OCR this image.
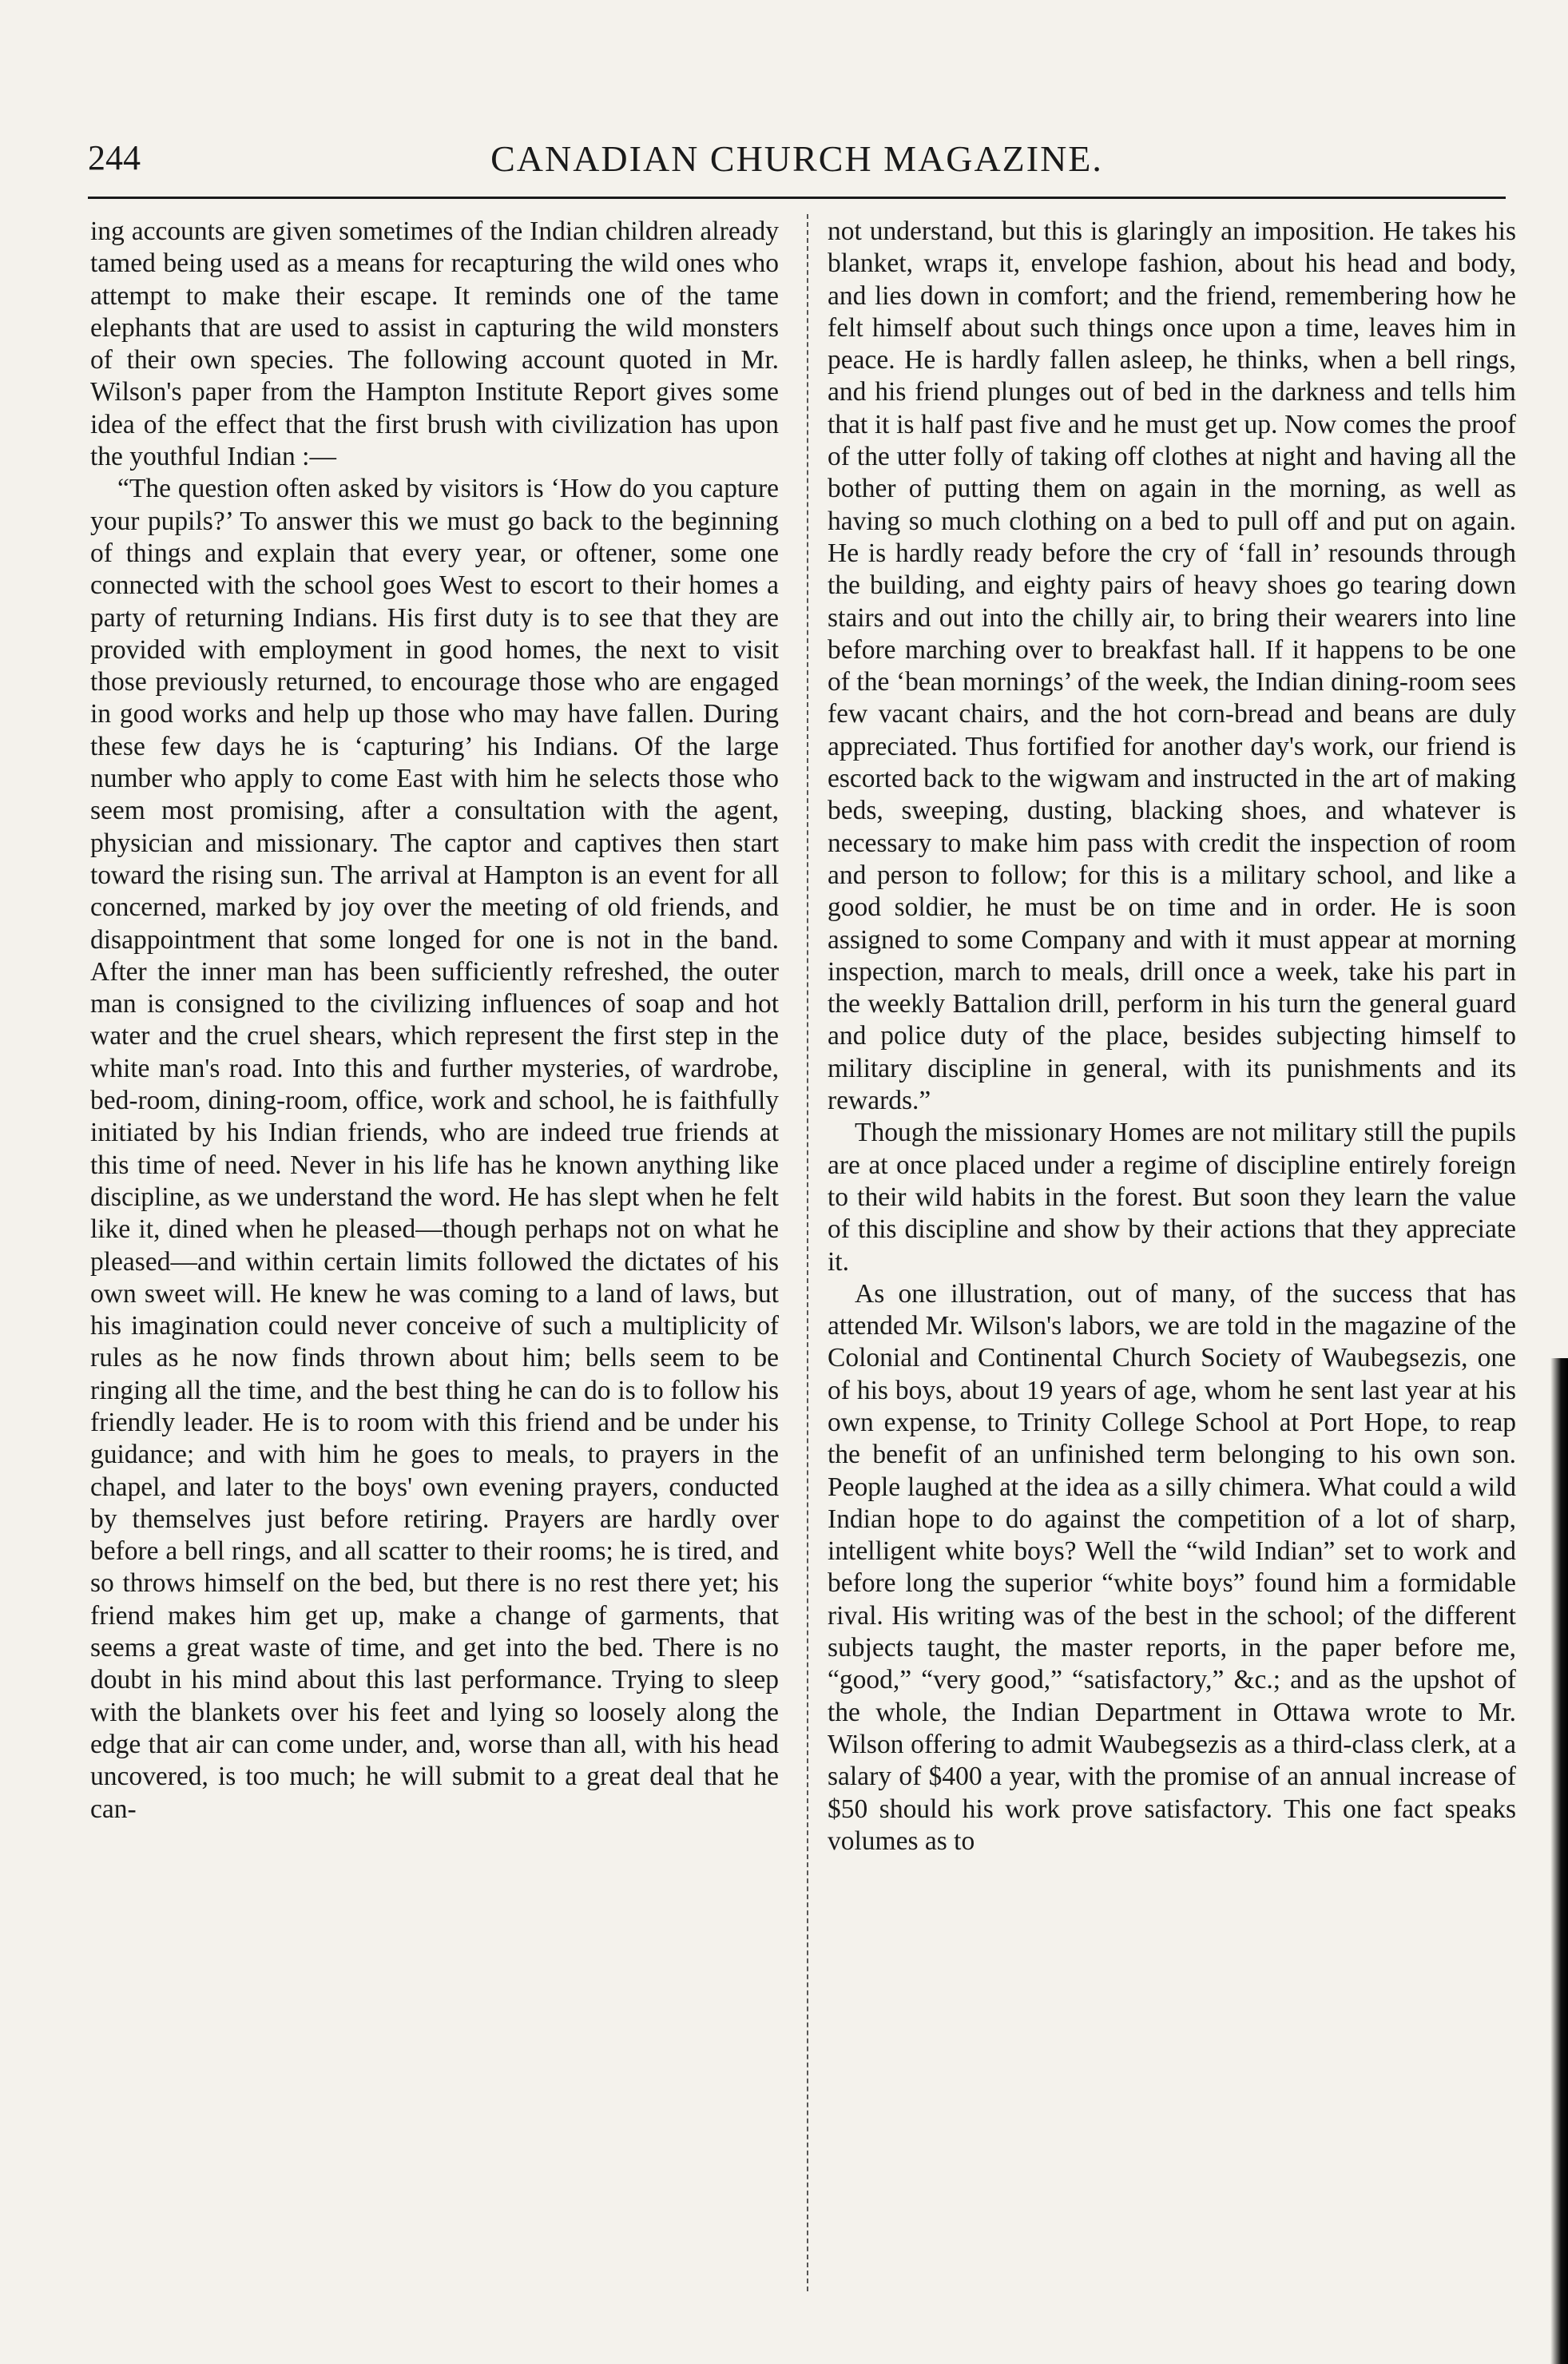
244	CANADIAN CHURCH MAGAZINE.

ing accounts are given sometimes of the Indian children already tamed being used as a means for recapturing the wild ones who attempt to make their escape. It reminds one of the tame elephants that are used to assist in capturing the wild monsters of their own species. The following account quoted in Mr. Wilson's paper from the Hampton Institute Report gives some idea of the effect that the first brush with civilization has upon the youthful Indian :—

“The question often asked by visitors is ‘How do you capture your pupils?’ To answer this we must go back to the beginning of things and explain that every year, or oftener, some one connected with the school goes West to escort to their homes a party of returning Indians. His first duty is to see that they are provided with employment in good homes, the next to visit those previously returned, to encourage those who are engaged in good works and help up those who may have fallen. During these few days he is ‘capturing’ his Indians. Of the large number who apply to come East with him he selects those who seem most promising, after a consultation with the agent, physician and missionary. The captor and captives then start toward the rising sun. The arrival at Hampton is an event for all concerned, marked by joy over the meeting of old friends, and disappointment that some longed for one is not in the band. After the inner man has been sufficiently refreshed, the outer man is consigned to the civilizing influences of soap and hot water and the cruel shears, which represent the first step in the white man's road. Into this and further mysteries, of wardrobe, bed-room, dining-room, office, work and school, he is faithfully initiated by his Indian friends, who are indeed true friends at this time of need. Never in his life has he known anything like discipline, as we understand the word. He has slept when he felt like it, dined when he pleased—though perhaps not on what he pleased—and within certain limits followed the dictates of his own sweet will. He knew he was coming to a land of laws, but his imagination could never conceive of such a multiplicity of rules as he now finds thrown about him; bells seem to be ringing all the time, and the best thing he can do is to follow his friendly leader. He is to room with this friend and be under his guidance; and with him he goes to meals, to prayers in the chapel, and later to the boys' own evening prayers, conducted by themselves just before retiring. Prayers are hardly over before a bell rings, and all scatter to their rooms; he is tired, and so throws himself on the bed, but there is no rest there yet; his friend makes him get up, make a change of garments, that seems a great waste of time, and get into the bed. There is no doubt in his mind about this last performance. Trying to sleep with the blankets over his feet and lying so loosely along the edge that air can come under, and, worse than all, with his head uncovered, is too much; he will submit to a great deal that he can-

not understand, but this is glaringly an imposition. He takes his blanket, wraps it, envelope fashion, about his head and body, and lies down in comfort; and the friend, remembering how he felt himself about such things once upon a time, leaves him in peace. He is hardly fallen asleep, he thinks, when a bell rings, and his friend plunges out of bed in the darkness and tells him that it is half past five and he must get up. Now comes the proof of the utter folly of taking off clothes at night and having all the bother of putting them on again in the morning, as well as having so much clothing on a bed to pull off and put on again. He is hardly ready before the cry of ‘fall in’ resounds through the building, and eighty pairs of heavy shoes go tearing down stairs and out into the chilly air, to bring their wearers into line before marching over to breakfast hall. If it happens to be one of the ‘bean mornings’ of the week, the Indian dining-room sees few vacant chairs, and the hot corn-bread and beans are duly appreciated. Thus fortified for another day's work, our friend is escorted back to the wigwam and instructed in the art of making beds, sweeping, dusting, blacking shoes, and whatever is necessary to make him pass with credit the inspection of room and person to follow; for this is a military school, and like a good soldier, he must be on time and in order. He is soon assigned to some Company and with it must appear at morning inspection, march to meals, drill once a week, take his part in the weekly Battalion drill, perform in his turn the general guard and police duty of the place, besides subjecting himself to military discipline in general, with its punishments and its rewards.”

Though the missionary Homes are not military still the pupils are at once placed under a regime of discipline entirely foreign to their wild habits in the forest. But soon they learn the value of this discipline and show by their actions that they appreciate it.

As one illustration, out of many, of the success that has attended Mr. Wilson's labors, we are told in the magazine of the Colonial and Continental Church Society of Waubegsezis, one of his boys, about 19 years of age, whom he sent last year at his own expense, to Trinity College School at Port Hope, to reap the benefit of an unfinished term belonging to his own son. People laughed at the idea as a silly chimera. What could a wild Indian hope to do against the competition of a lot of sharp, intelligent white boys? Well the “wild Indian” set to work and before long the superior “white boys” found him a formidable rival. His writing was of the best in the school; of the different subjects taught, the master reports, in the paper before me, “good,” “very good,” “satisfactory,” &c.; and as the upshot of the whole, the Indian Department in Ottawa wrote to Mr. Wilson offering to admit Waubegsezis as a third-class clerk, at a salary of $400 a year, with the promise of an annual increase of $50 should his work prove satisfactory. This one fact speaks volumes as to
